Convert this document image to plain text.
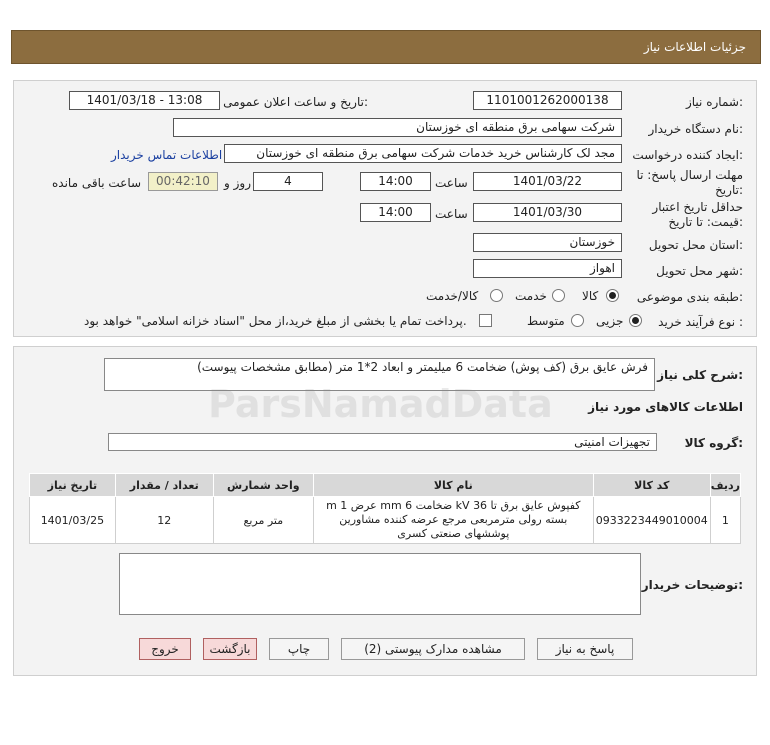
جزئیات اطلاعات نیاز
شماره نیاز:
1101001262000138
تاریخ و ساعت اعلان عمومی:
1401/03/18 - 13:08
نام دستگاه خریدار:
شرکت سهامی برق منطقه ای خوزستان
ایجاد کننده درخواست:
مجد لک کارشناس خرید خدمات شرکت سهامی برق منطقه ای خوزستان
اطلاعات تماس خریدار
مهلت ارسال پاسخ: تا
تاریخ:
1401/03/22
ساعت
14:00
4
روز و
00:42:10
ساعت باقی مانده
حداقل تاریخ اعتبار
قیمت: تا تاریخ:
1401/03/30
ساعت
14:00
استان محل تحویل:
خوزستان
شهر محل تحویل:
اهواز
طبقه بندی موضوعی:
کالا
خدمت
کالا/خدمت
نوع فرآیند خرید :
جزیی
متوسط
پرداخت تمام یا بخشی از مبلغ خرید،از محل "اسناد خزانه اسلامی" خواهد بود.
شرح کلی نیاز:
فرش عایق برق (کف پوش) ضخامت 6 میلیمتر و ابعاد 2*1 متر (مطابق مشخصات پیوست)
اطلاعات کالاهای مورد نیاز
گروه کالا:
تجهیزات امنیتی
ردیف	کد کالا	نام کالا	واحد شمارش	تعداد / مقدار	تاریخ نیاز
1	0933223449010004	کفپوش عایق برق تا 36 kV ضخامت 6 mm عرض 1 m بسته رولی مترمربعی مرجع عرضه کننده مشاورین پوششهای صنعتی کسری	متر مربع	12	1401/03/25
توضیحات خریدار:
پاسخ به نیاز
مشاهده مدارک پیوستی (2)
چاپ
بازگشت
خروج
